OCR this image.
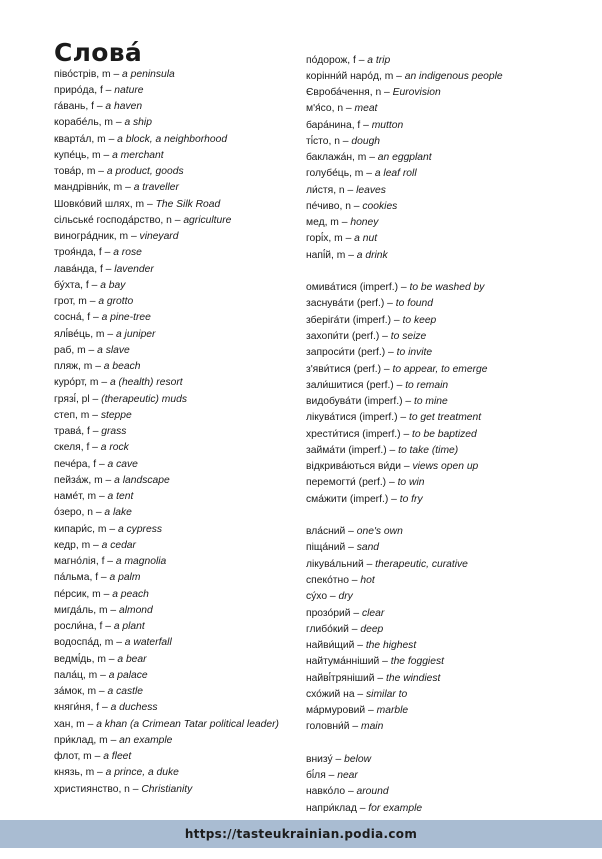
Слова́
піво́стрів, m – a peninsula
приро́да, f – nature
га́вань, f – a haven
корабе́ль, m – a ship
кварта́л, m – a block, a neighborhood
купе́ць, m – a merchant
това́р, m – a product, goods
мандрівни́к, m – a traveller
Шовко́вий шлях, m – The Silk Road
сільське́ господа́рство, n – agriculture
виногра́дник, m – vineyard
троя́нда, f – a rose
лава́нда, f – lavender
бу́хта, f – a bay
грот, m – a grotto
сосна́, f – a pine-tree
ялі́ве́ць, m – a juniper
раб, m – a slave
пляж, m – a beach
куро́рт, m – a (health) resort
грязі́, pl – (therapeutic) muds
степ, m – steppe
трава́, f – grass
скеля, f – a rock
пече́ра, f – a cave
пейза́ж, m – a landscape
наме́т, m – a tent
о́зеро, n – a lake
кипари́с, m – a cypress
кедр, m – a cedar
магно́лія, f – a magnolia
па́льма, f – a palm
пе́рсик, m – a peach
мигда́ль, m – almond
росли́на, f – a plant
водоспа́д, m – a waterfall
ведмі́дь, m – a bear
пала́ц, m – a palace
за́мок, m – a castle
княги́ня, f – a duchess
хан, m – a khan (a Crimean Tatar political leader)
при́клад, m – an example
флот, m – a fleet
князь, m – a prince, a duke
християнство, n – Christianity
по́дорож, f – a trip
корінни́й наро́д, m – an indigenous people
Єврoба́чення, n – Eurovision
м'я́со, n – meat
бара́нина, f – mutton
ті́сто, n – dough
баклажа́н, m – an eggplant
голубе́ць, m – a leaf roll
ли́стя, n – leaves
пе́чиво, n – cookies
мед, m – honey
горі́х, m – a nut
напі́й, m – a drink
омива́тися (imperf.) – to be washed by
заснува́ти (perf.) – to found
зберіга́ти (imperf.) – to keep
захопи́ти (perf.) – to seize
запроси́ти (perf.) – to invite
з'яви́тися (perf.) – to appear, to emerge
зали́шитися (perf.) – to remain
видобува́ти (imperf.) – to mine
лікува́тися (imperf.) – to get treatment
хрести́тися (imperf.) – to be baptized
займа́ти (imperf.) – to take (time)
відкрива́ються ви́ди – views open up
перемогти́ (perf.) – to win
сма́жити (imperf.) – to fry
вла́сний – one's own
піща́ний – sand
лікува́льний – therapeutic, curative
спеко́тно – hot
су́хо – dry
прозо́рий – clear
глибо́кий – deep
найви́щий – the highest
найтума́нніший – the foggiest
найві́тряніший – the windiest
схо́жий на – similar to
ма́рмуровий – marble
головни́й – main
внизу́ – below
бі́ля – near
навко́ло – around
напри́клад – for example
https://tasteukrainian.podia.com
